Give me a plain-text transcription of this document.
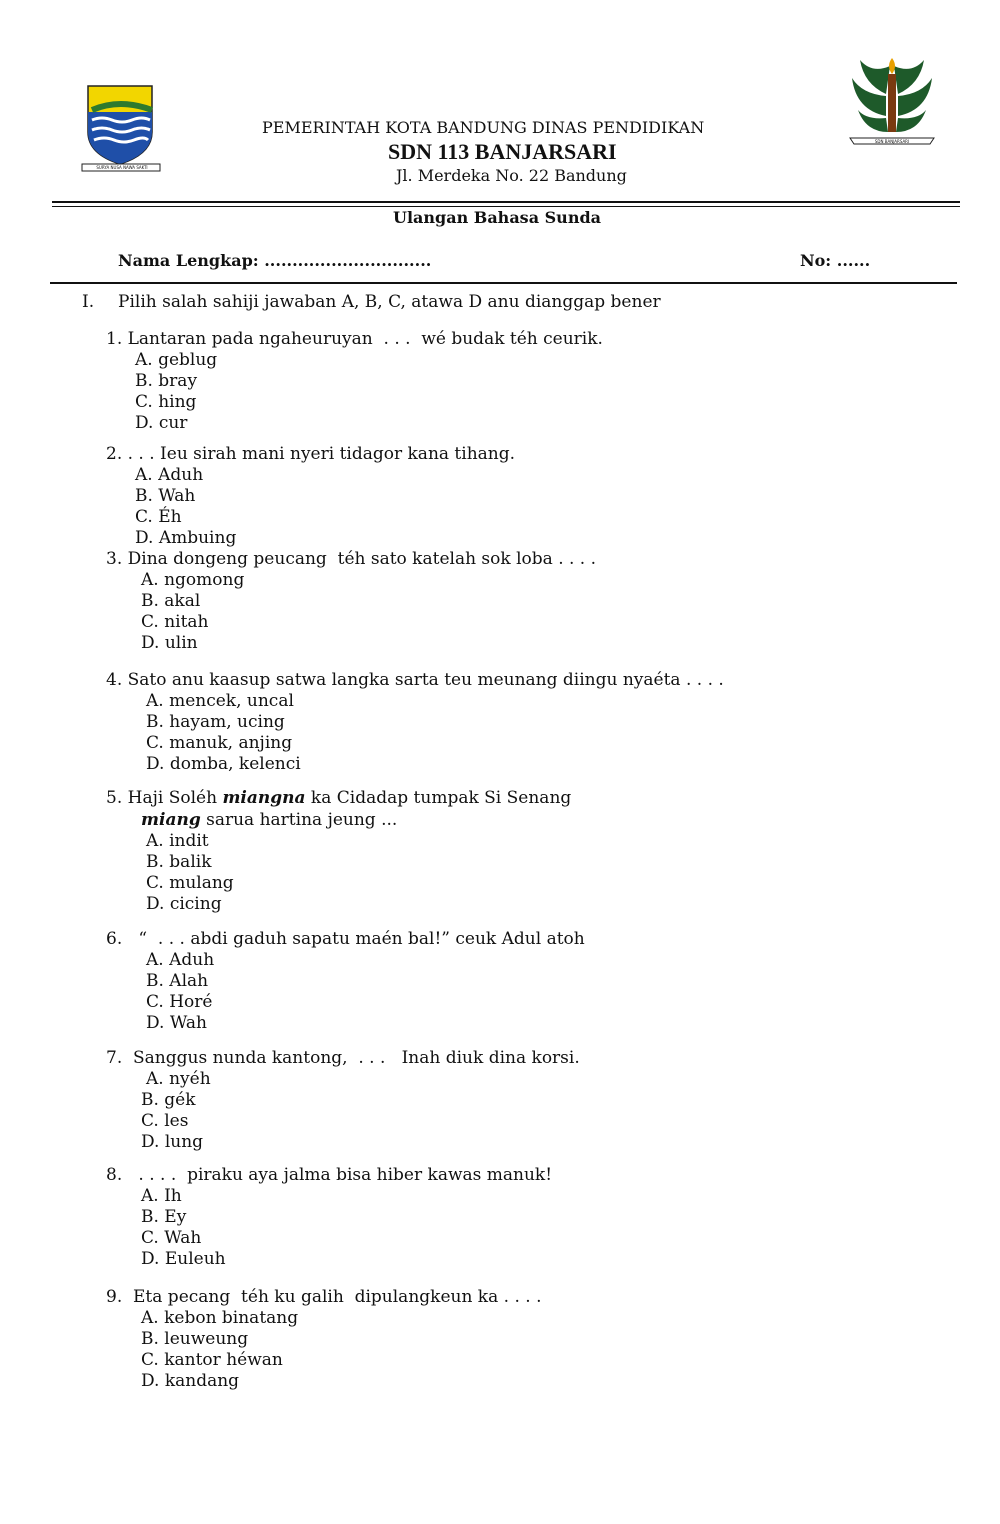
SURYA NUSA NAWA SAKTI
SDN BANJARSARI
PEMERINTAH KOTA BANDUNG DINAS PENDIDIKAN
SDN 113 BANJARSARI
Jl. Merdeka No. 22 Bandung
Ulangan Bahasa Sunda
Nama Lengkap: ..............................	No: ......
I. Pilih salah sahiji jawaban A, B, C, atawa D anu dianggap bener
1. Lantaran pada ngaheuruyan  . . .  wé budak téh ceurik.
A. geblug
B. bray
C. hing
D. cur
2. . . . Ieu sirah mani nyeri tidagor kana tihang.
A. Aduh
B. Wah
C. Éh
D. Ambuing
3. Dina dongeng peucang  téh sato katelah sok loba . . . .
A. ngomong
B. akal
C. nitah
D. ulin
4. Sato anu kaasup satwa langka sarta teu meunang diingu nyaéta . . . .
A. mencek, uncal
B. hayam, ucing
C. manuk, anjing
D. domba, kelenci
5. Haji Soléh miangna ka Cidadap tumpak Si Senang
miang sarua hartina jeung ...
A. indit
B. balik
C. mulang
D. cicing
6.   “  . . . abdi gaduh sapatu maén bal!” ceuk Adul atoh
A. Aduh
B. Alah
C. Horé
D. Wah
7.  Sanggus nunda kantong,  . . .   Inah diuk dina korsi.
A. nyéh
B. gék
C. les
D. lung
8.   . . . .  piraku aya jalma bisa hiber kawas manuk!
A. Ih
B. Ey
C. Wah
D. Euleuh
9.  Eta pecang  téh ku galih  dipulangkeun ka . . . .
A. kebon binatang
B. leuweung
C. kantor héwan
D. kandang
